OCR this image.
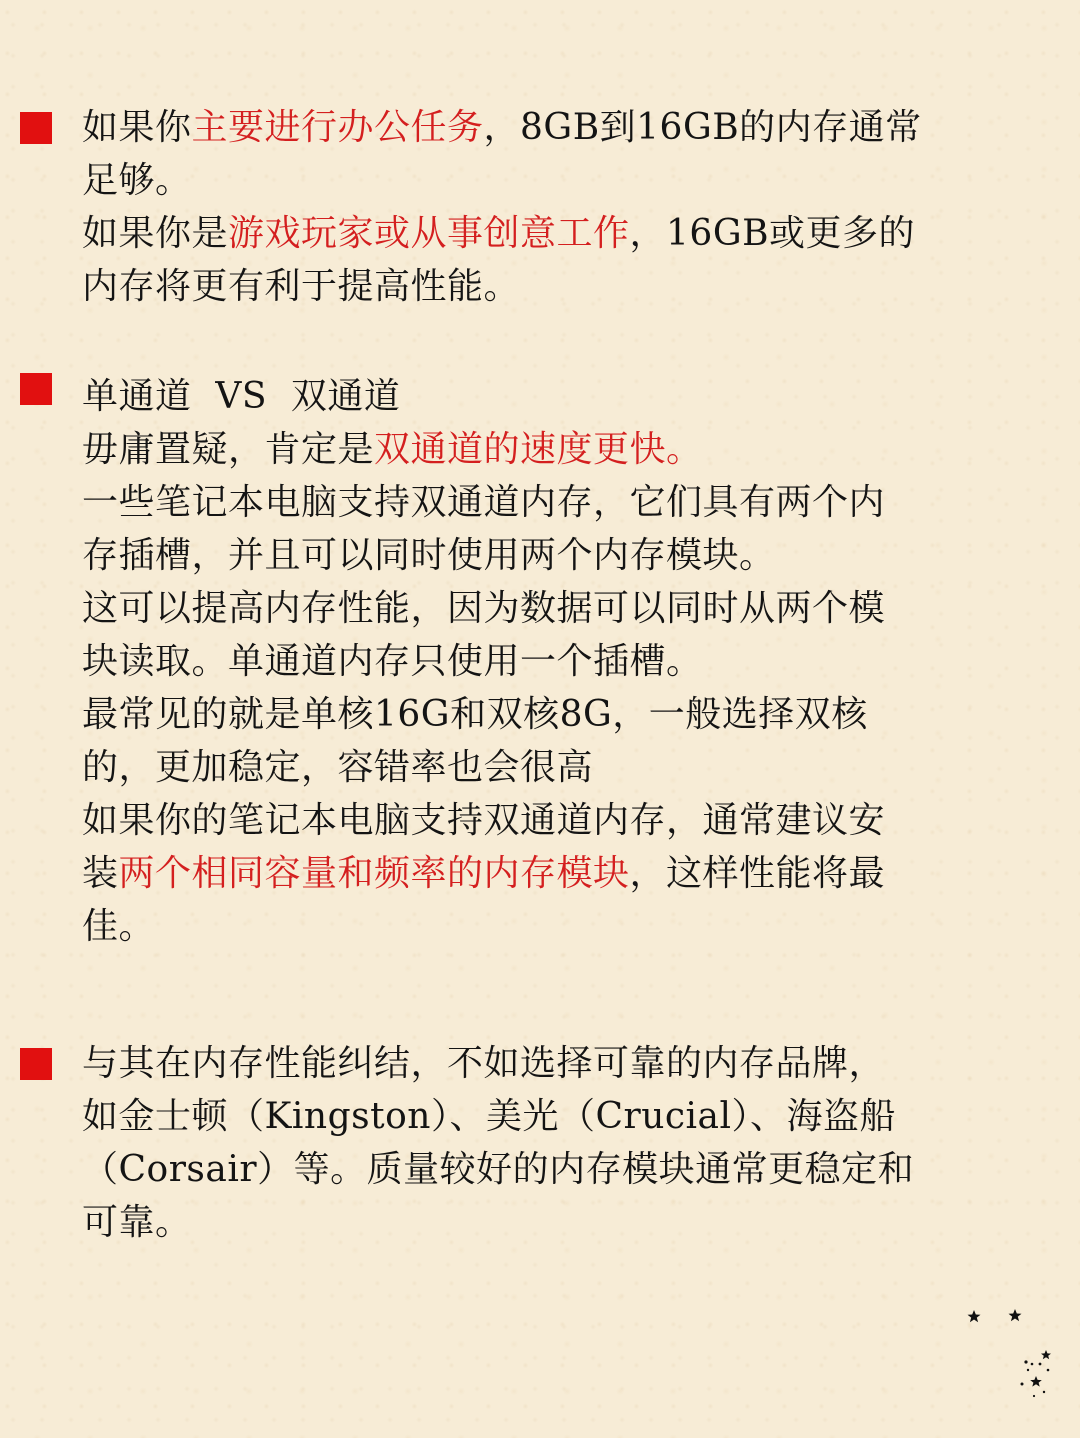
如果你主要进行办公任务，8GB到16GB的内存通常
足够。
如果你是游戏玩家或从事创意工作，16GB或更多的
内存将更有利于提高性能。
单通道  VS  双通道
毋庸置疑，肯定是双通道的速度更快。
一些笔记本电脑支持双通道内存，它们具有两个内
存插槽，并且可以同时使用两个内存模块。
这可以提高内存性能，因为数据可以同时从两个模
块读取。单通道内存只使用一个插槽。
最常见的就是单核16G和双核8G，一般选择双核
的，更加稳定，容错率也会很高
如果你的笔记本电脑支持双通道内存，通常建议安
装两个相同容量和频率的内存模块，这样性能将最
佳。
与其在内存性能纠结，不如选择可靠的内存品牌，
如金士顿（Kingston）、美光（Crucial）、海盗船
（Corsair）等。质量较好的内存模块通常更稳定和
可靠。
